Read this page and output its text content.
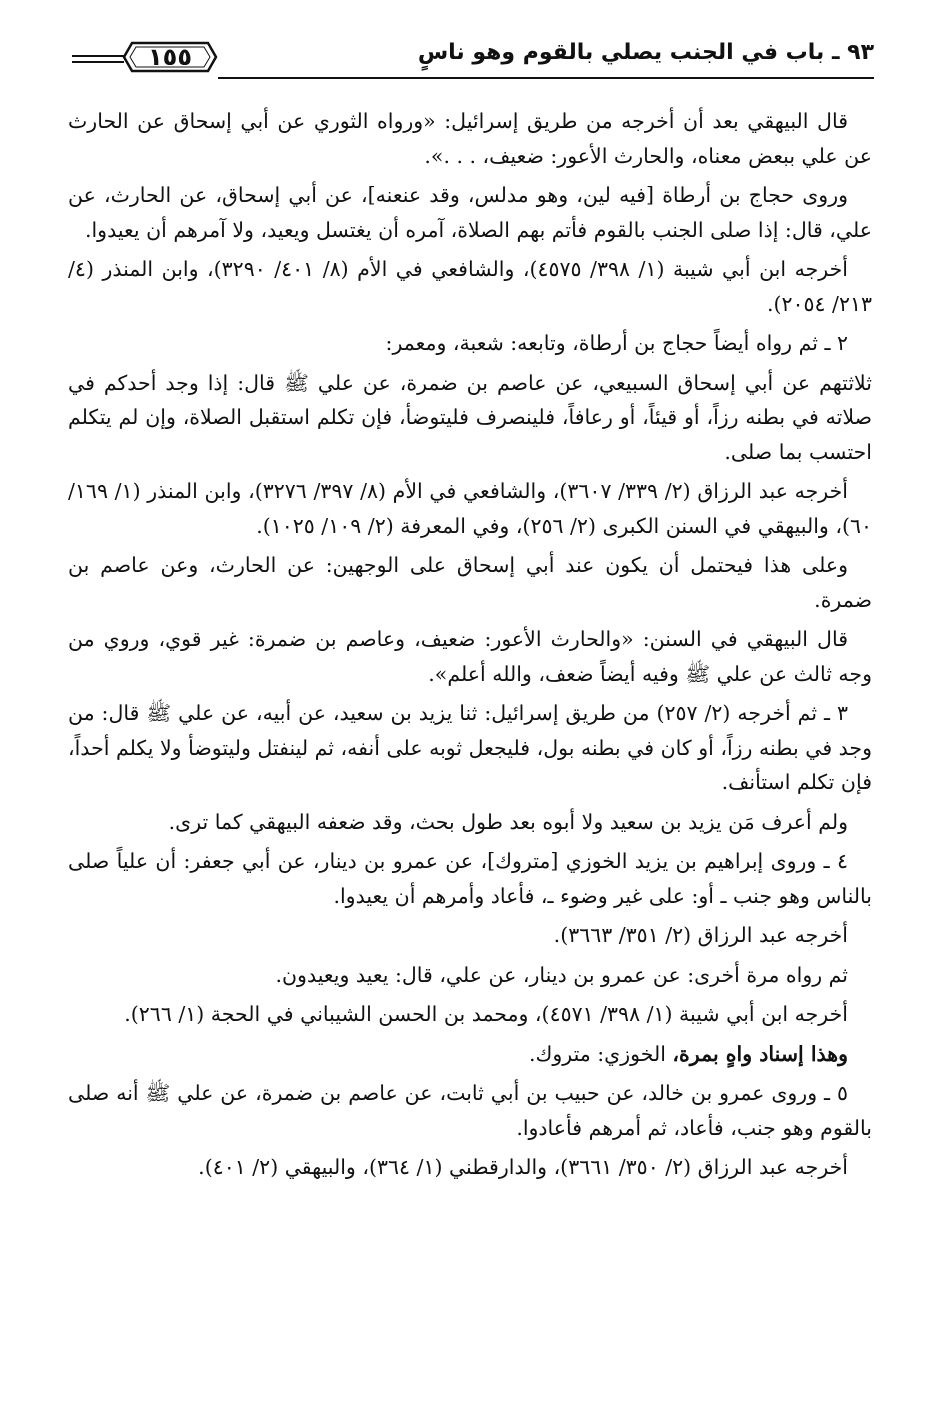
٩٣ ـ باب في الجنب يصلي بالقوم وهو ناسٍ
١٥٥

قال البيهقي بعد أن أخرجه من طريق إسرائيل: «ورواه الثوري عن أبي إسحاق عن الحارث عن علي ببعض معناه، والحارث الأعور: ضعيف، . . .».

وروى حجاج بن أرطاة [فيه لين، وهو مدلس، وقد عنعنه]، عن أبي إسحاق، عن الحارث، عن علي، قال: إذا صلى الجنب بالقوم فأتم بهم الصلاة، آمره أن يغتسل ويعيد، ولا آمرهم أن يعيدوا.

أخرجه ابن أبي شيبة (١/ ٣٩٨/ ٤٥٧٥)، والشافعي في الأم (٨/ ٤٠١/ ٣٢٩٠)، وابن المنذر (٤/ ٢١٣/ ٢٠٥٤).

٢ ـ ثم رواه أيضاً حجاج بن أرطاة، وتابعه: شعبة، ومعمر:

ثلاثتهم عن أبي إسحاق السبيعي، عن عاصم بن ضمرة، عن علي ﷺ قال: إذا وجد أحدكم في صلاته في بطنه رزاً، أو قيئاً، أو رعافاً، فلينصرف فليتوضأ، فإن تكلم استقبل الصلاة، وإن لم يتكلم احتسب بما صلى.

أخرجه عبد الرزاق (٢/ ٣٣٩/ ٣٦٠٧)، والشافعي في الأم (٨/ ٣٩٧/ ٣٢٧٦)، وابن المنذر (١/ ١٦٩/ ٦٠)، والبيهقي في السنن الكبرى (٢/ ٢٥٦)، وفي المعرفة (٢/ ١٠٩/ ١٠٢٥).

وعلى هذا فيحتمل أن يكون عند أبي إسحاق على الوجهين: عن الحارث، وعن عاصم بن ضمرة.

قال البيهقي في السنن: «والحارث الأعور: ضعيف، وعاصم بن ضمرة: غير قوي، وروي من وجه ثالث عن علي ﷺ وفيه أيضاً ضعف، والله أعلم».

٣ ـ ثم أخرجه (٢/ ٢٥٧) من طريق إسرائيل: ثنا يزيد بن سعيد، عن أبيه، عن علي ﷺ قال: من وجد في بطنه رزاً، أو كان في بطنه بول، فليجعل ثوبه على أنفه، ثم لينفتل وليتوضأ ولا يكلم أحداً، فإن تكلم استأنف.

ولم أعرف مَن يزيد بن سعيد ولا أبوه بعد طول بحث، وقد ضعفه البيهقي كما ترى.

٤ ـ وروى إبراهيم بن يزيد الخوزي [متروك]، عن عمرو بن دينار، عن أبي جعفر: أن علياً صلى بالناس وهو جنب ـ أو: على غير وضوء ـ، فأعاد وأمرهم أن يعيدوا.

أخرجه عبد الرزاق (٢/ ٣٥١/ ٣٦٦٣).

ثم رواه مرة أخرى: عن عمرو بن دينار، عن علي، قال: يعيد ويعيدون.

أخرجه ابن أبي شيبة (١/ ٣٩٨/ ٤٥٧١)، ومحمد بن الحسن الشيباني في الحجة (١/ ٢٦٦).

وهذا إسناد واهٍ بمرة، الخوزي: متروك.

٥ ـ وروى عمرو بن خالد، عن حبيب بن أبي ثابت، عن عاصم بن ضمرة، عن علي ﷺ أنه صلى بالقوم وهو جنب، فأعاد، ثم أمرهم فأعادوا.

أخرجه عبد الرزاق (٢/ ٣٥٠/ ٣٦٦١)، والدارقطني (١/ ٣٦٤)، والبيهقي (٢/ ٤٠١).
